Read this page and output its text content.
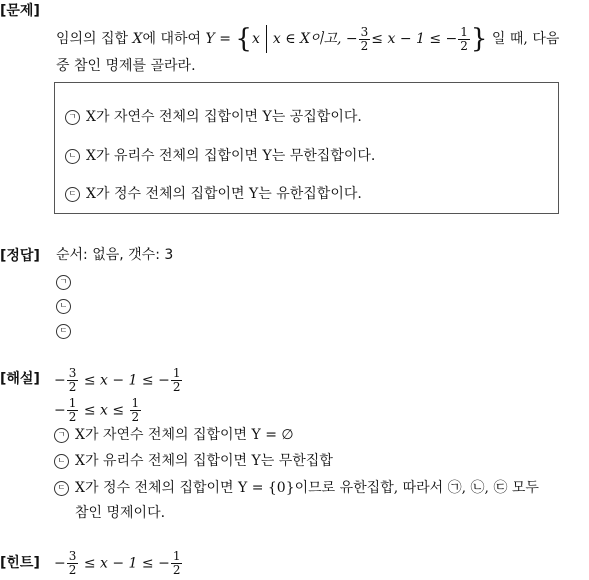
[문제]
임의의 집합 X에 대하여 Y = {x x ∈ X이고, − $\frac{3}{2} \le x - 1$ ≤ − $\frac{1}{2}$ } 일 때, 다음
중 참인 명제를 골라라.
ㄱ X가 자연수 전체의 집합이면 Y는 공집합이다.
ㄴ X가 유리수 전체의 집합이면 Y는 무한집합이다.
ㄷ X가 정수 전체의 집합이면 Y는 유한집합이다.
[정답] 순서: 없음, 갯수: 3
ㄱ
ㄴ
ㄷ
[해설] − $\frac{3}{2} \le x - 1$ ≤ − $\frac{1}{2}$
− $\frac{1}{2} \le x \le \frac{1}{2}$
ㄱ X가 자연수 전체의 집합이면 Y = ∅
ㄴ X가 유리수 전체의 집합이면 Y는 무한집합
ㄷ X가 정수 전체의 집합이면 Y = {0}이므로 유한집합, 따라서 ㉠, ㉡, ㉢ 모두
참인 명제이다.
[힌트] − $\frac{3}{2} \le x - 1$ ≤ − $\frac{1}{2}$
